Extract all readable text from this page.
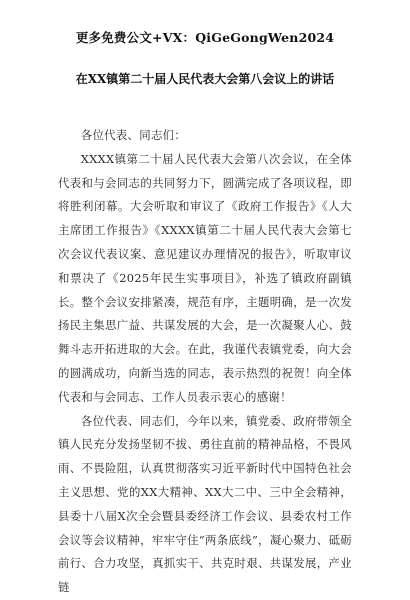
更多免费公文+VX：QiGeGongWen2024
在XX镇第二十届人民代表大会第八会议上的讲话

各位代表、同志们：

XXXX镇第二十届人民代表大会第八次会议，在全体代表和与会同志的共同努力下，圆满完成了各项议程，即将胜利闭幕。大会听取和审议了《政府工作报告》《人大主席团工作报告》《XXXX镇第二十届人民代表大会第七次会议代表议案、意见建议办理情况的报告》，听取审议和票决了《2025年民生实事项目》，补选了镇政府副镇长。整个会议安排紧凑，规范有序，主题明确，是一次发扬民主集思广益、共谋发展的大会，是一次凝聚人心、鼓舞斗志开拓进取的大会。在此，我谨代表镇党委，向大会的圆满成功，向新当选的同志，表示热烈的祝贺！向全体代表和与会同志、工作人员表示衷心的感谢！

各位代表、同志们，今年以来，镇党委、政府带领全镇人民充分发扬坚韧不拔、勇往直前的精神品格，不畏风雨、不畏险阻，认真贯彻落实习近平新时代中国特色社会主义思想、党的XX大精神、XX大二中、三中全会精神，县委十八届X次全会暨县委经济工作会议、县委农村工作会议等会议精神，牢牢守住“两条底线”，凝心聚力、砥砺前行、合力攻坚，真抓实干、共克时艰、共谋发展，产业链
